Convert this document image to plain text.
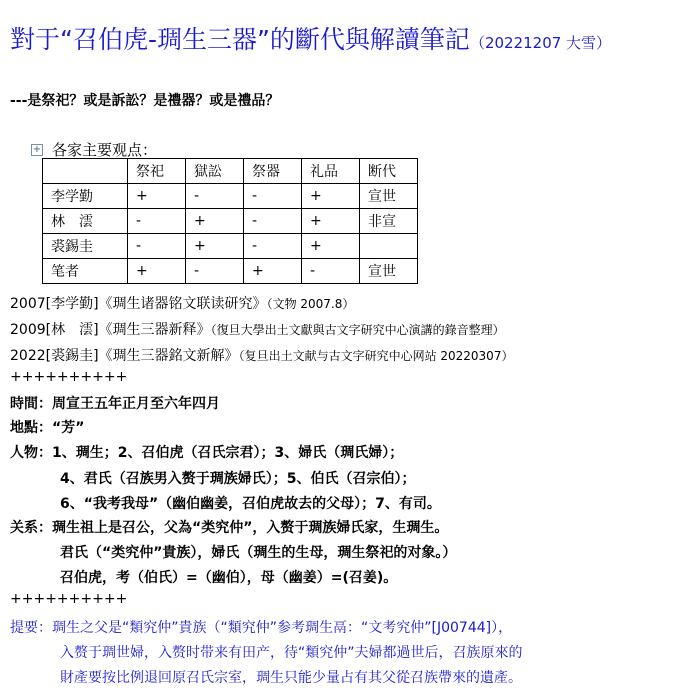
對于“召伯虎-琱生三器”的斷代與解讀筆記（20221207 大雪）
---是祭祀？或是訴訟？是禮器？或是禮品？
+ 各家主要观点：
	祭祀	獄訟	祭器	礼品	断代
李学勤	+	-	-	+	宣世
林　澐	-	+	-	+	非宣
裘錫圭	-	+	-	+	
笔者	+	-	+	-	宣世
2007[李学勤]《琱生诸器铭文联读研究》（文物 2007.8）
2009[林　澐]《琱生三器新释》（復旦大學出土文獻與古文字研究中心演講的錄音整理）
2022[裘錫圭]《琱生三器銘文新解》（复旦出土文献与古文字研究中心网站 20220307）
++++++++++
時間：周宣王五年正月至六年四月
地點：“芳”
人物：1、琱生；2、召伯虎（召氏宗君）；3、婦氏（琱氏婦）；
4、君氏（召族男入赘于琱族婦氏）；5、伯氏（召宗伯）；
6、“我考我母”（幽伯幽姜，召伯虎故去的父母）；7、有司。
关系：琱生祖上是召公，父為“类究仲”，入赘于琱族婦氏家，生琱生。
君氏（“类究仲”貴族），婦氏（琱生的生母，琱生祭祀的对象。）
召伯虎，考（伯氏）=（幽伯），母（幽姜）=(召姜)。
++++++++++
提要：琱生之父是“類究仲”貴族（“類究仲”参考琱生鬲：“文考究仲”[J00744]），
入赘于琱世婦，入赘时带来有田产，待“類究仲”夫婦都過世后，召族原來的
財產要按比例退回原召氏宗室，琱生只能少量占有其父從召族帶來的遺產。
